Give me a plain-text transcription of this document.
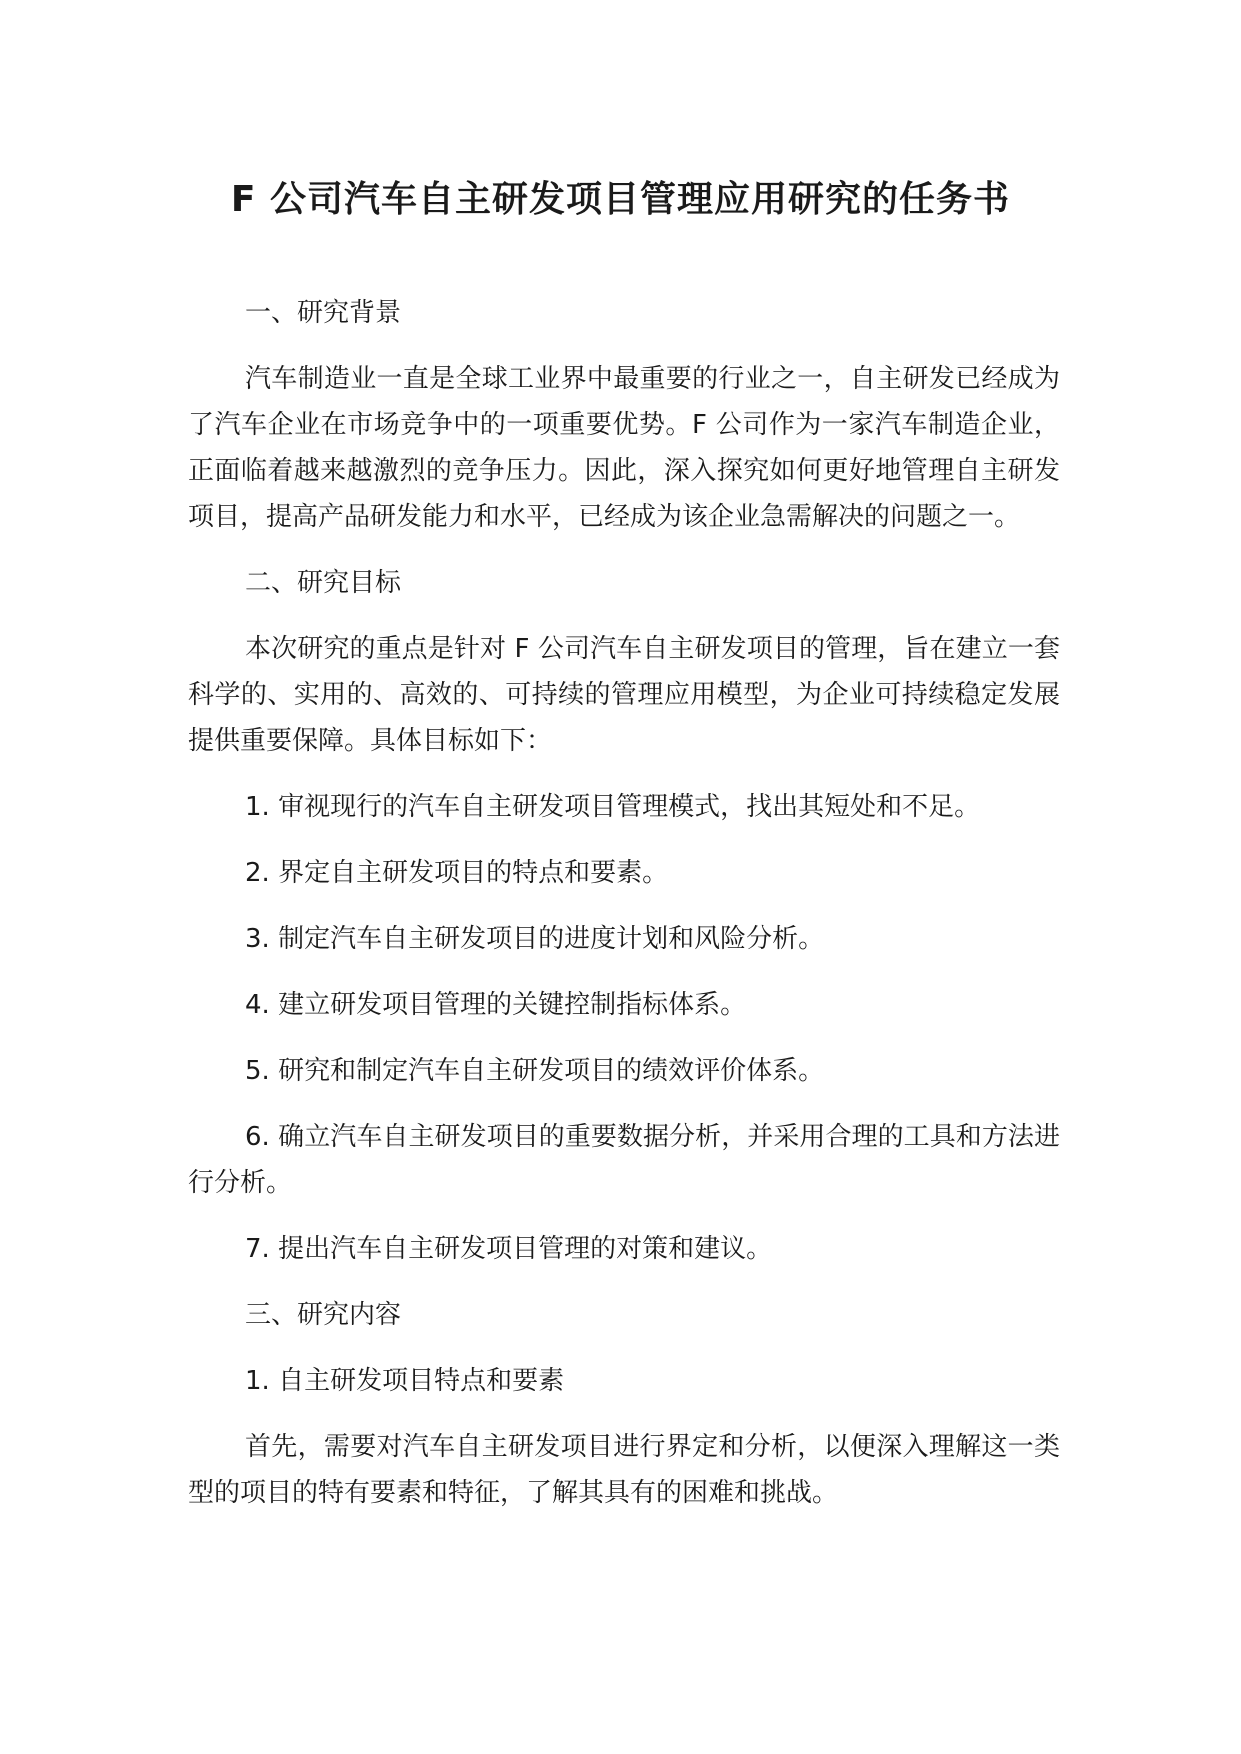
F 公司汽车自主研发项目管理应用研究的任务书

一、研究背景

汽车制造业一直是全球工业界中最重要的行业之一，自主研发已经成为了汽车企业在市场竞争中的一项重要优势。F 公司作为一家汽车制造企业，正面临着越来越激烈的竞争压力。因此，深入探究如何更好地管理自主研发项目，提高产品研发能力和水平，已经成为该企业急需解决的问题之一。

二、研究目标

本次研究的重点是针对 F 公司汽车自主研发项目的管理，旨在建立一套科学的、实用的、高效的、可持续的管理应用模型，为企业可持续稳定发展提供重要保障。具体目标如下：

1. 审视现行的汽车自主研发项目管理模式，找出其短处和不足。

2. 界定自主研发项目的特点和要素。

3. 制定汽车自主研发项目的进度计划和风险分析。

4. 建立研发项目管理的关键控制指标体系。

5. 研究和制定汽车自主研发项目的绩效评价体系。

6. 确立汽车自主研发项目的重要数据分析，并采用合理的工具和方法进行分析。

7. 提出汽车自主研发项目管理的对策和建议。

三、研究内容

1. 自主研发项目特点和要素

首先，需要对汽车自主研发项目进行界定和分析，以便深入理解这一类型的项目的特有要素和特征，了解其具有的困难和挑战。
